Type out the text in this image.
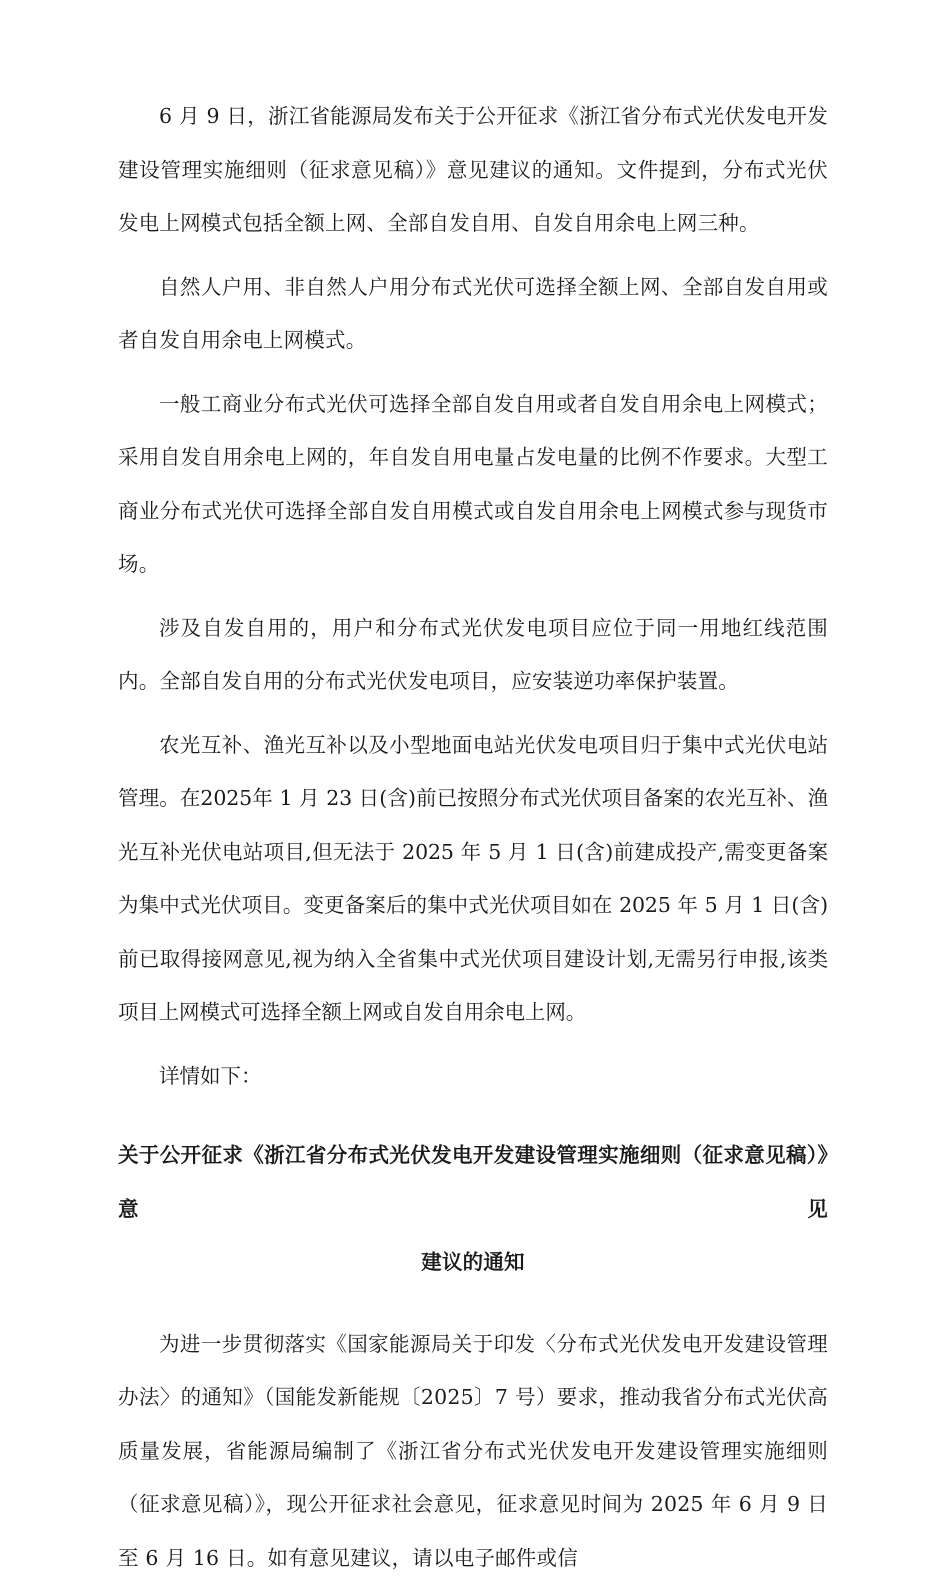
6 月 9 日，浙江省能源局发布关于公开征求《浙江省分布式光伏发电开发建设管理实施细则（征求意见稿）》意见建议的通知。文件提到，分布式光伏发电上网模式包括全额上网、全部自发自用、自发自用余电上网三种。

自然人户用、非自然人户用分布式光伏可选择全额上网、全部自发自用或者自发自用余电上网模式。

一般工商业分布式光伏可选择全部自发自用或者自发自用余电上网模式；采用自发自用余电上网的，年自发自用电量占发电量的比例不作要求。大型工商业分布式光伏可选择全部自发自用模式或自发自用余电上网模式参与现货市场。

涉及自发自用的，用户和分布式光伏发电项目应位于同一用地红线范围内。全部自发自用的分布式光伏发电项目，应安装逆功率保护装置。

农光互补、渔光互补以及小型地面电站光伏发电项目归于集中式光伏电站管理。在2025年 1 月 23 日(含)前已按照分布式光伏项目备案的农光互补、渔光互补光伏电站项目,但无法于 2025 年 5 月 1 日(含)前建成投产,需变更备案为集中式光伏项目。变更备案后的集中式光伏项目如在 2025 年 5 月 1 日(含)前已取得接网意见,视为纳入全省集中式光伏项目建设计划,无需另行申报,该类项目上网模式可选择全额上网或自发自用余电上网。

详情如下：

关于公开征求《浙江省分布式光伏发电开发建设管理实施细则（征求意见稿）》意见
建议的通知

为进一步贯彻落实《国家能源局关于印发〈分布式光伏发电开发建设管理办法〉的通知》（国能发新能规〔2025〕7 号）要求，推动我省分布式光伏高质量发展，省能源局编制了《浙江省分布式光伏发电开发建设管理实施细则（征求意见稿）》，现公开征求社会意见，征求意见时间为 2025 年 6 月 9 日至 6 月 16 日。如有意见建议，请以电子邮件或信
